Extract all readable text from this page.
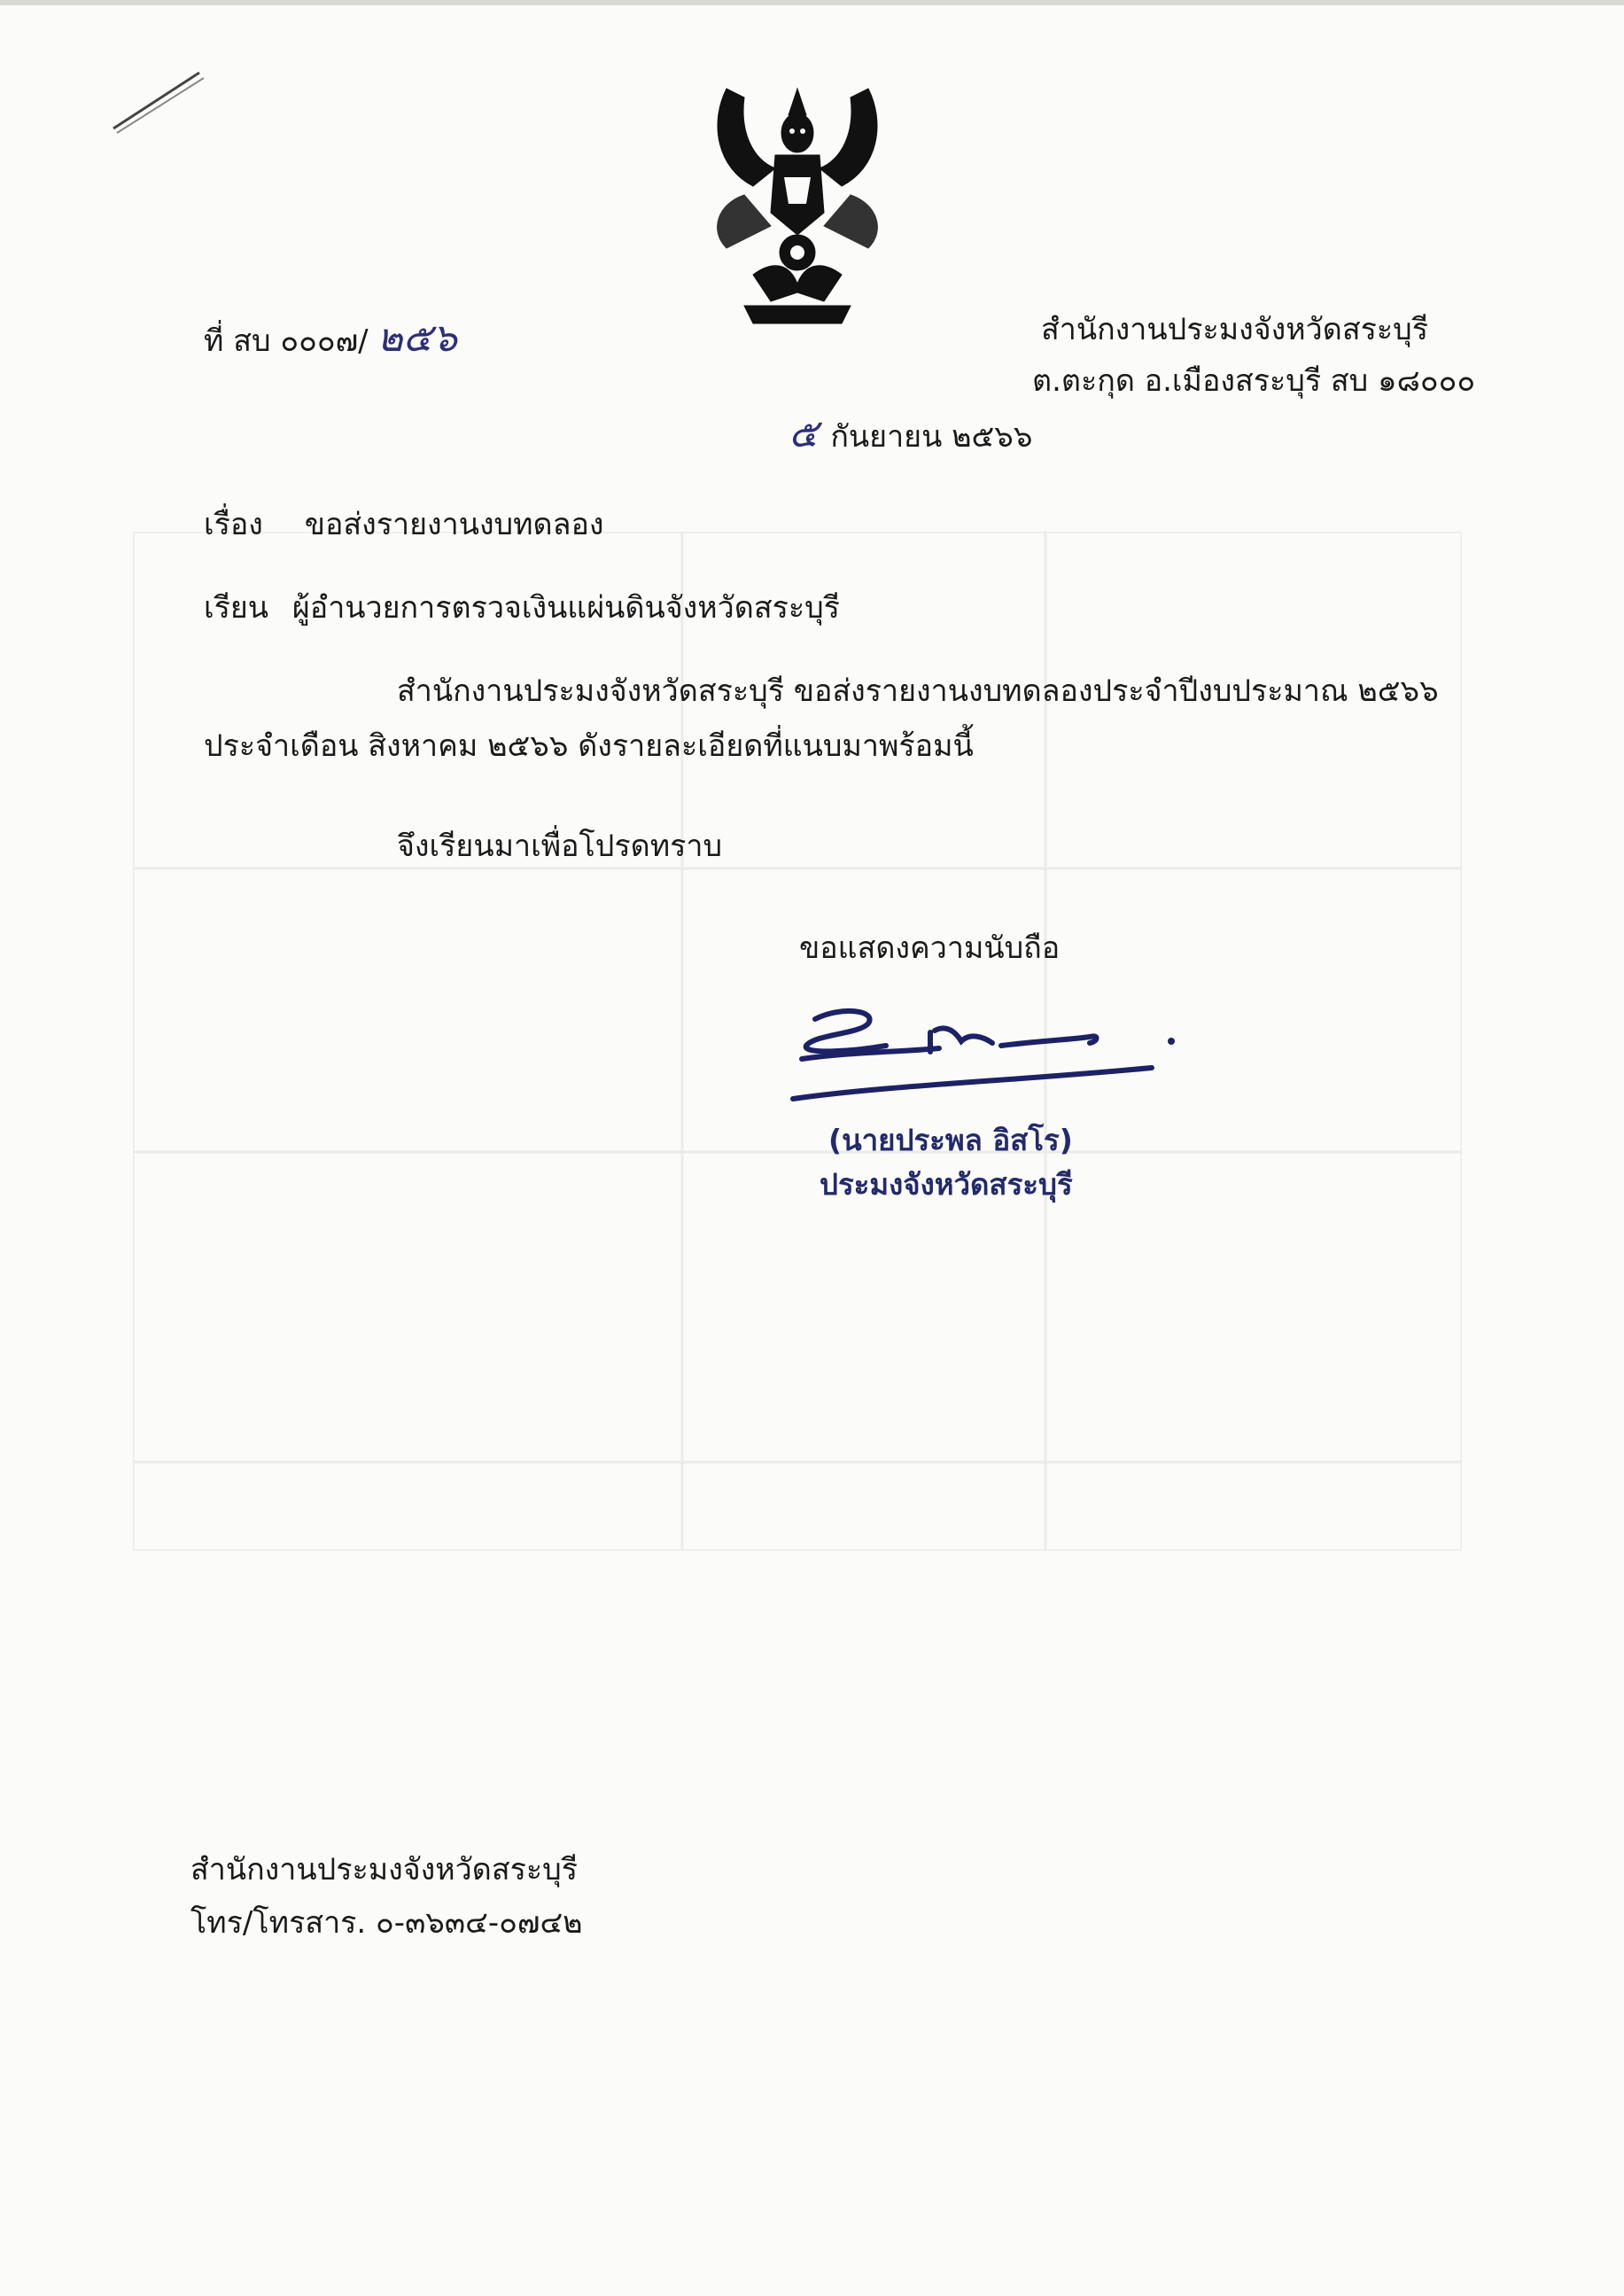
ที่ สบ ๐๐๐๗/ ๒๕๖	สำนักงานประมงจังหวัดสระบุรี
ต.ตะกุด อ.เมืองสระบุรี สบ ๑๘๐๐๐
๕ กันยายน ๒๕๖๖
เรื่อง ขอส่งรายงานงบทดลอง
เรียน ผู้อำนวยการตรวจเงินแผ่นดินจังหวัดสระบุรี
สำนักงานประมงจังหวัดสระบุรี ขอส่งรายงานงบทดลองประจำปีงบประมาณ ๒๕๖๖
ประจำเดือน สิงหาคม ๒๕๖๖ ดังรายละเอียดที่แนบมาพร้อมนี้
จึงเรียนมาเพื่อโปรดทราบ
ขอแสดงความนับถือ
(นายประพล อิสโร)
ประมงจังหวัดสระบุรี
สำนักงานประมงจังหวัดสระบุรี
โทร/โทรสาร. ๐-๓๖๓๔-๐๗๔๒
